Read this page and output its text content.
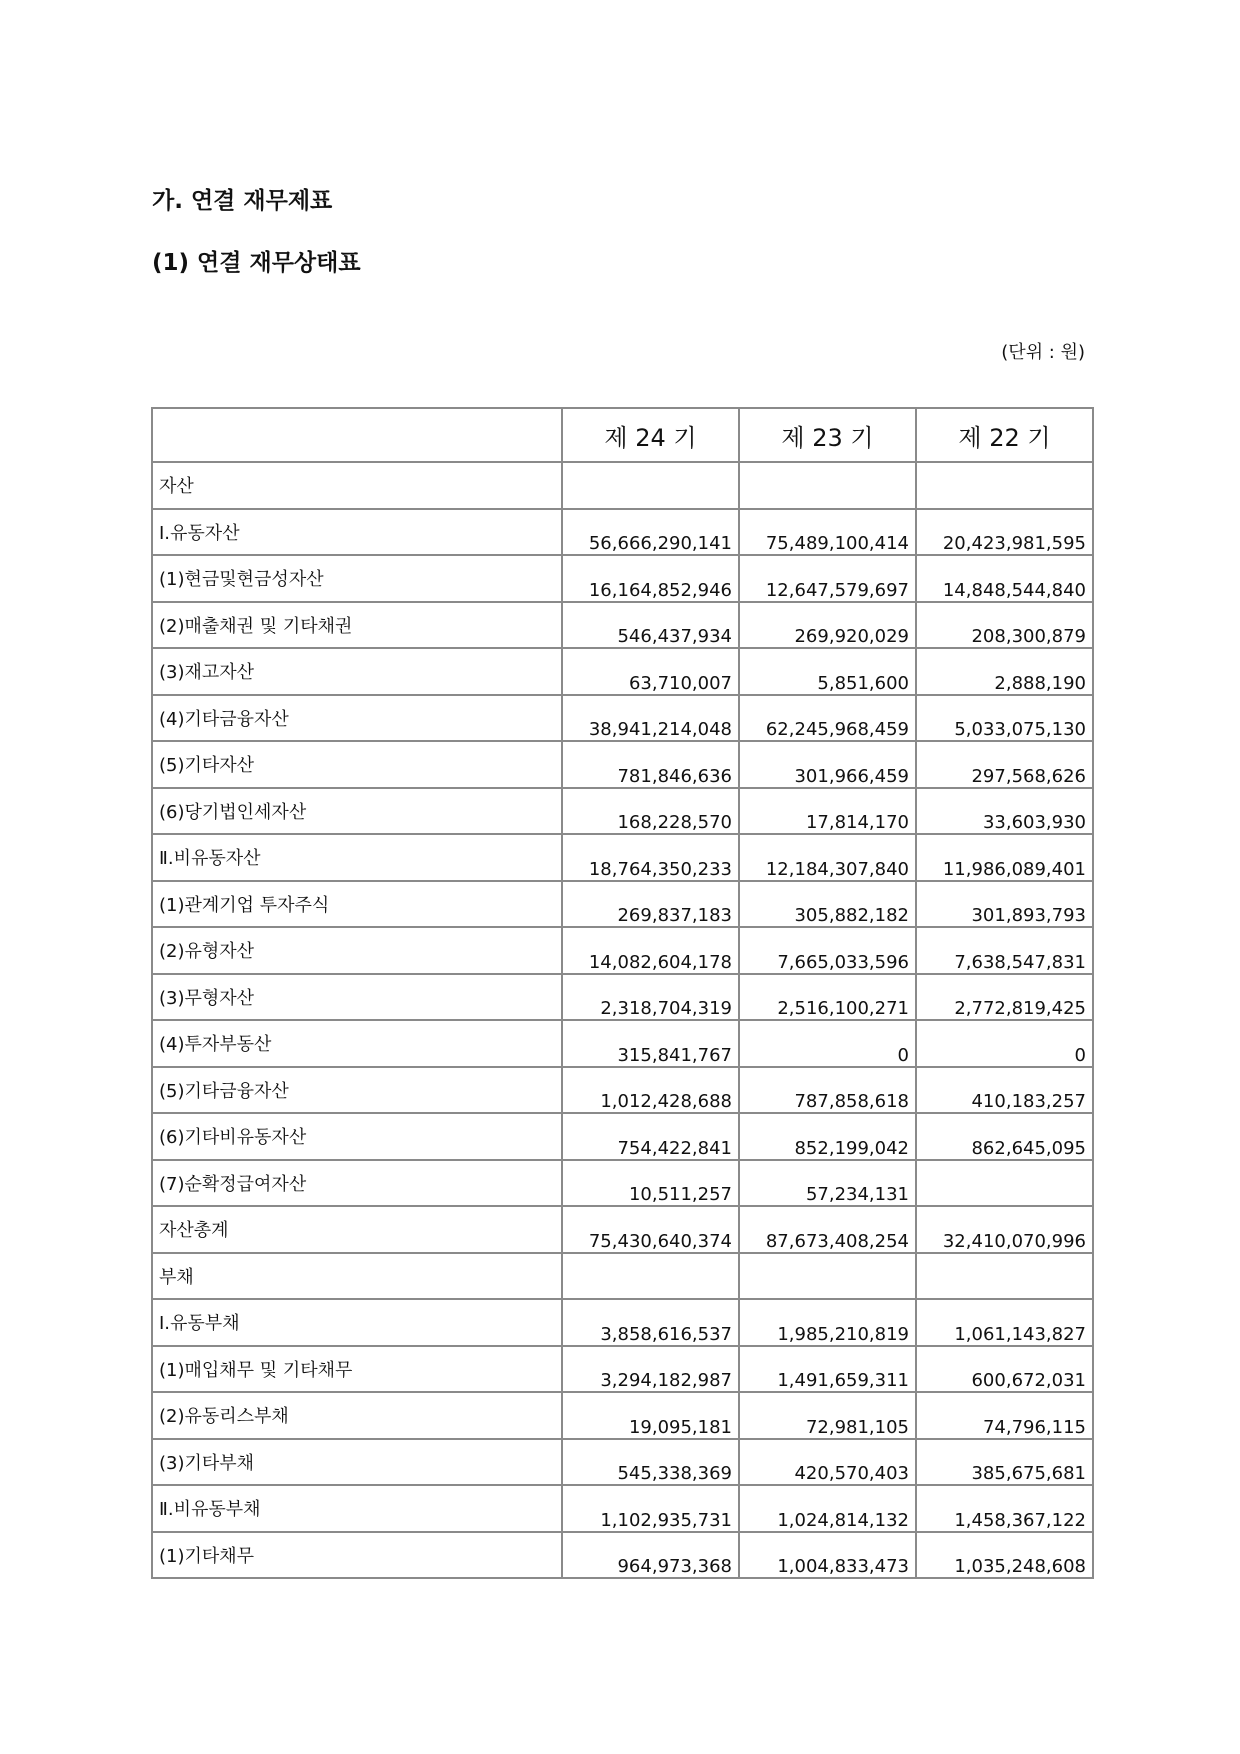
가. 연결 재무제표
(1) 연결 재무상태표
(단위 : 원)
	제 24 기	제 23 기	제 22 기
자산			
Ⅰ.유동자산	56,666,290,141	75,489,100,414	20,423,981,595
(1)현금및현금성자산	16,164,852,946	12,647,579,697	14,848,544,840
(2)매출채권 및 기타채권	546,437,934	269,920,029	208,300,879
(3)재고자산	63,710,007	5,851,600	2,888,190
(4)기타금융자산	38,941,214,048	62,245,968,459	5,033,075,130
(5)기타자산	781,846,636	301,966,459	297,568,626
(6)당기법인세자산	168,228,570	17,814,170	33,603,930
Ⅱ.비유동자산	18,764,350,233	12,184,307,840	11,986,089,401
(1)관계기업 투자주식	269,837,183	305,882,182	301,893,793
(2)유형자산	14,082,604,178	7,665,033,596	7,638,547,831
(3)무형자산	2,318,704,319	2,516,100,271	2,772,819,425
(4)투자부동산	315,841,767	0	0
(5)기타금융자산	1,012,428,688	787,858,618	410,183,257
(6)기타비유동자산	754,422,841	852,199,042	862,645,095
(7)순확정급여자산	10,511,257	57,234,131	
자산총계	75,430,640,374	87,673,408,254	32,410,070,996
부채			
Ⅰ.유동부채	3,858,616,537	1,985,210,819	1,061,143,827
(1)매입채무 및 기타채무	3,294,182,987	1,491,659,311	600,672,031
(2)유동리스부채	19,095,181	72,981,105	74,796,115
(3)기타부채	545,338,369	420,570,403	385,675,681
Ⅱ.비유동부채	1,102,935,731	1,024,814,132	1,458,367,122
(1)기타채무	964,973,368	1,004,833,473	1,035,248,608
